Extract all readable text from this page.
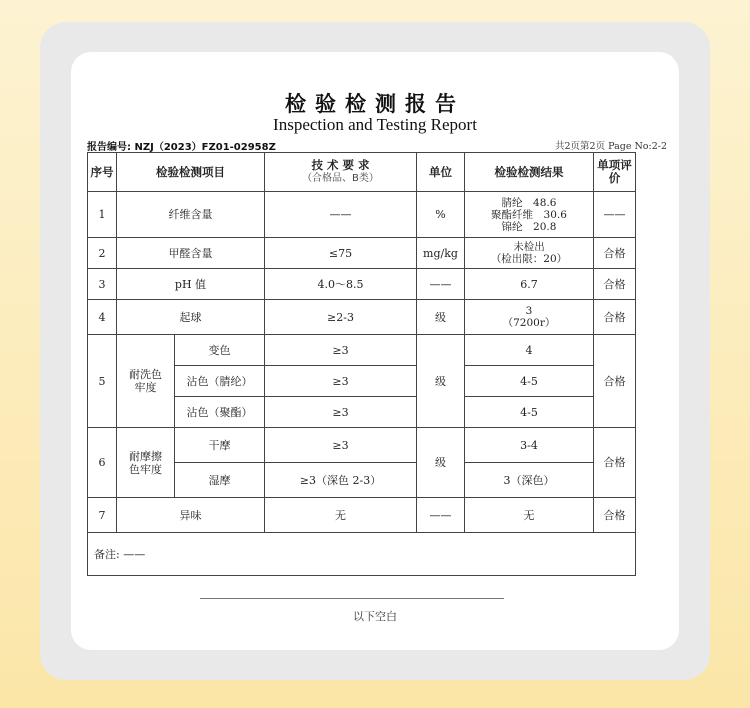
检验检测报告
Inspection and Testing Report
报告编号: NZJ（2023）FZ01-02958Z	共2页第2页 Page No:2-2
序号	检验检测项目		技 术 要 求
（合格品、B类）	单位	检验检测结果	单项评价
1	纤维含量		——	%	腈纶　48.6
聚酯纤维　30.6
锦纶　20.8	——
2	甲醛含量		≤75	mg/kg	未检出
（检出限：20）	合格
3	pH 值		4.0～8.5	——	6.7	合格
4	起球		≥2-3	级	3
（7200r）	合格
5	耐洗色牢度	变色	≥3	级	4	合格
		沾色（腈纶）	≥3		4-5	
		沾色（聚酯）	≥3		4-5	
6	耐摩擦色牢度	干摩	≥3	级	3-4	合格
		湿摩	≥3（深色 2-3）		3（深色）	
7	异味		无	——	无	合格
备注: ——						
以下空白
